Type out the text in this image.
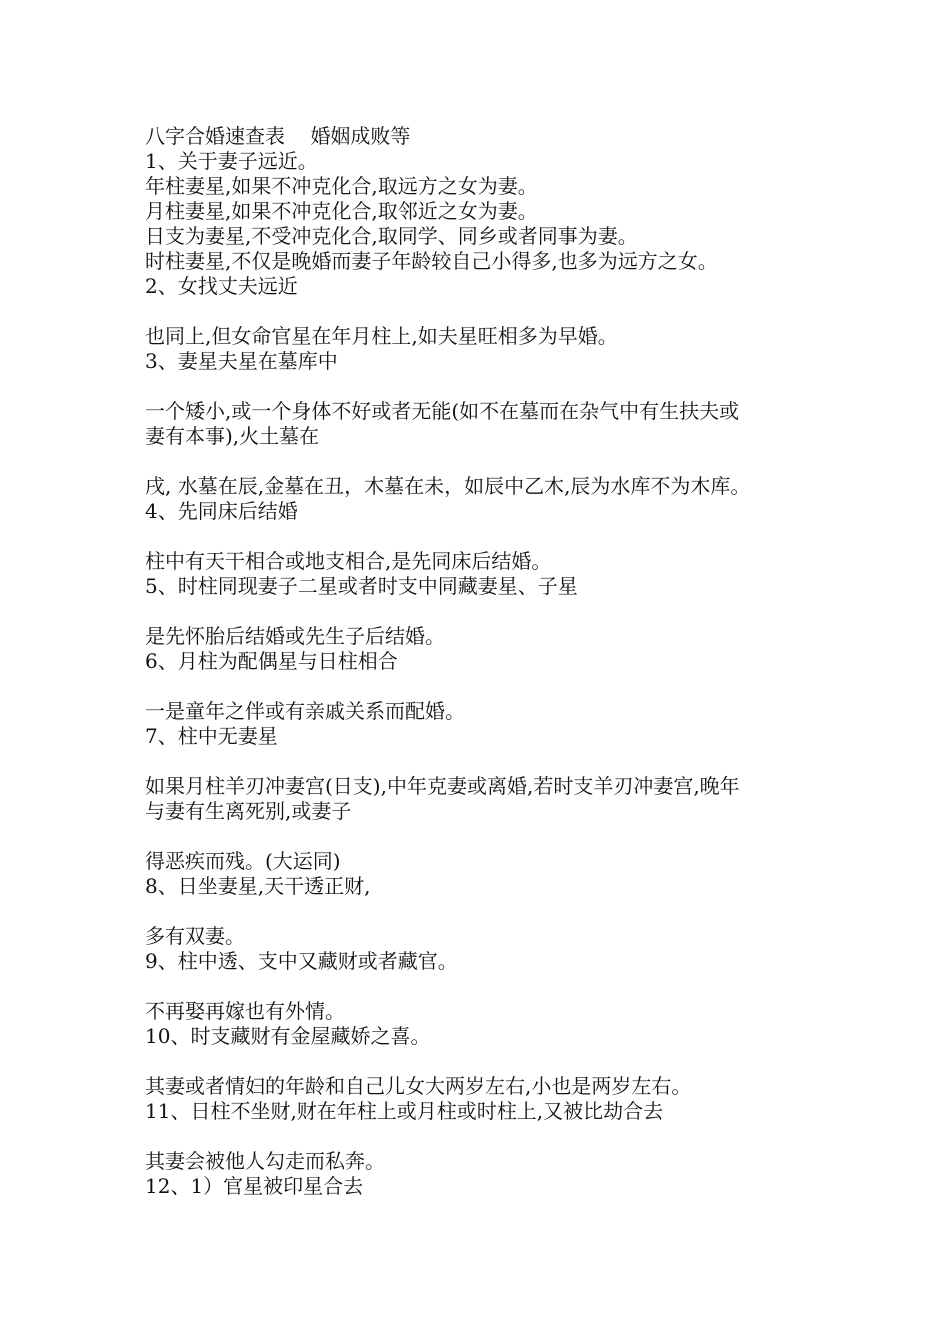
八字合婚速查表 婚姻成败等
1、关于妻子远近。
年柱妻星,如果不冲克化合,取远方之女为妻。
月柱妻星,如果不冲克化合,取邻近之女为妻。
日支为妻星,不受冲克化合,取同学、同乡或者同事为妻。
时柱妻星,不仅是晚婚而妻子年龄较自己小得多,也多为远方之女。
2、女找丈夫远近
也同上,但女命官星在年月柱上,如夫星旺相多为早婚。
3、妻星夫星在墓库中
一个矮小,或一个身体不好或者无能(如不在墓而在杂气中有生扶夫或
妻有本事),火土墓在
戌, 水墓在辰,金墓在丑，木墓在未，如辰中乙木,辰为水库不为木库。
4、先同床后结婚
柱中有天干相合或地支相合,是先同床后结婚。
5、时柱同现妻子二星或者时支中同藏妻星、子星
是先怀胎后结婚或先生子后结婚。
6、月柱为配偶星与日柱相合
一是童年之伴或有亲戚关系而配婚。
7、柱中无妻星
如果月柱羊刃冲妻宫(日支),中年克妻或离婚,若时支羊刃冲妻宫,晚年
与妻有生离死别,或妻子
得恶疾而残。(大运同)
8、日坐妻星,天干透正财,
多有双妻。
9、柱中透、支中又藏财或者藏官。
不再娶再嫁也有外情。
10、时支藏财有金屋藏娇之喜。
其妻或者情妇的年龄和自己儿女大两岁左右,小也是两岁左右。
11、日柱不坐财,财在年柱上或月柱或时柱上,又被比劫合去
其妻会被他人勾走而私奔。
12、1）官星被印星合去
